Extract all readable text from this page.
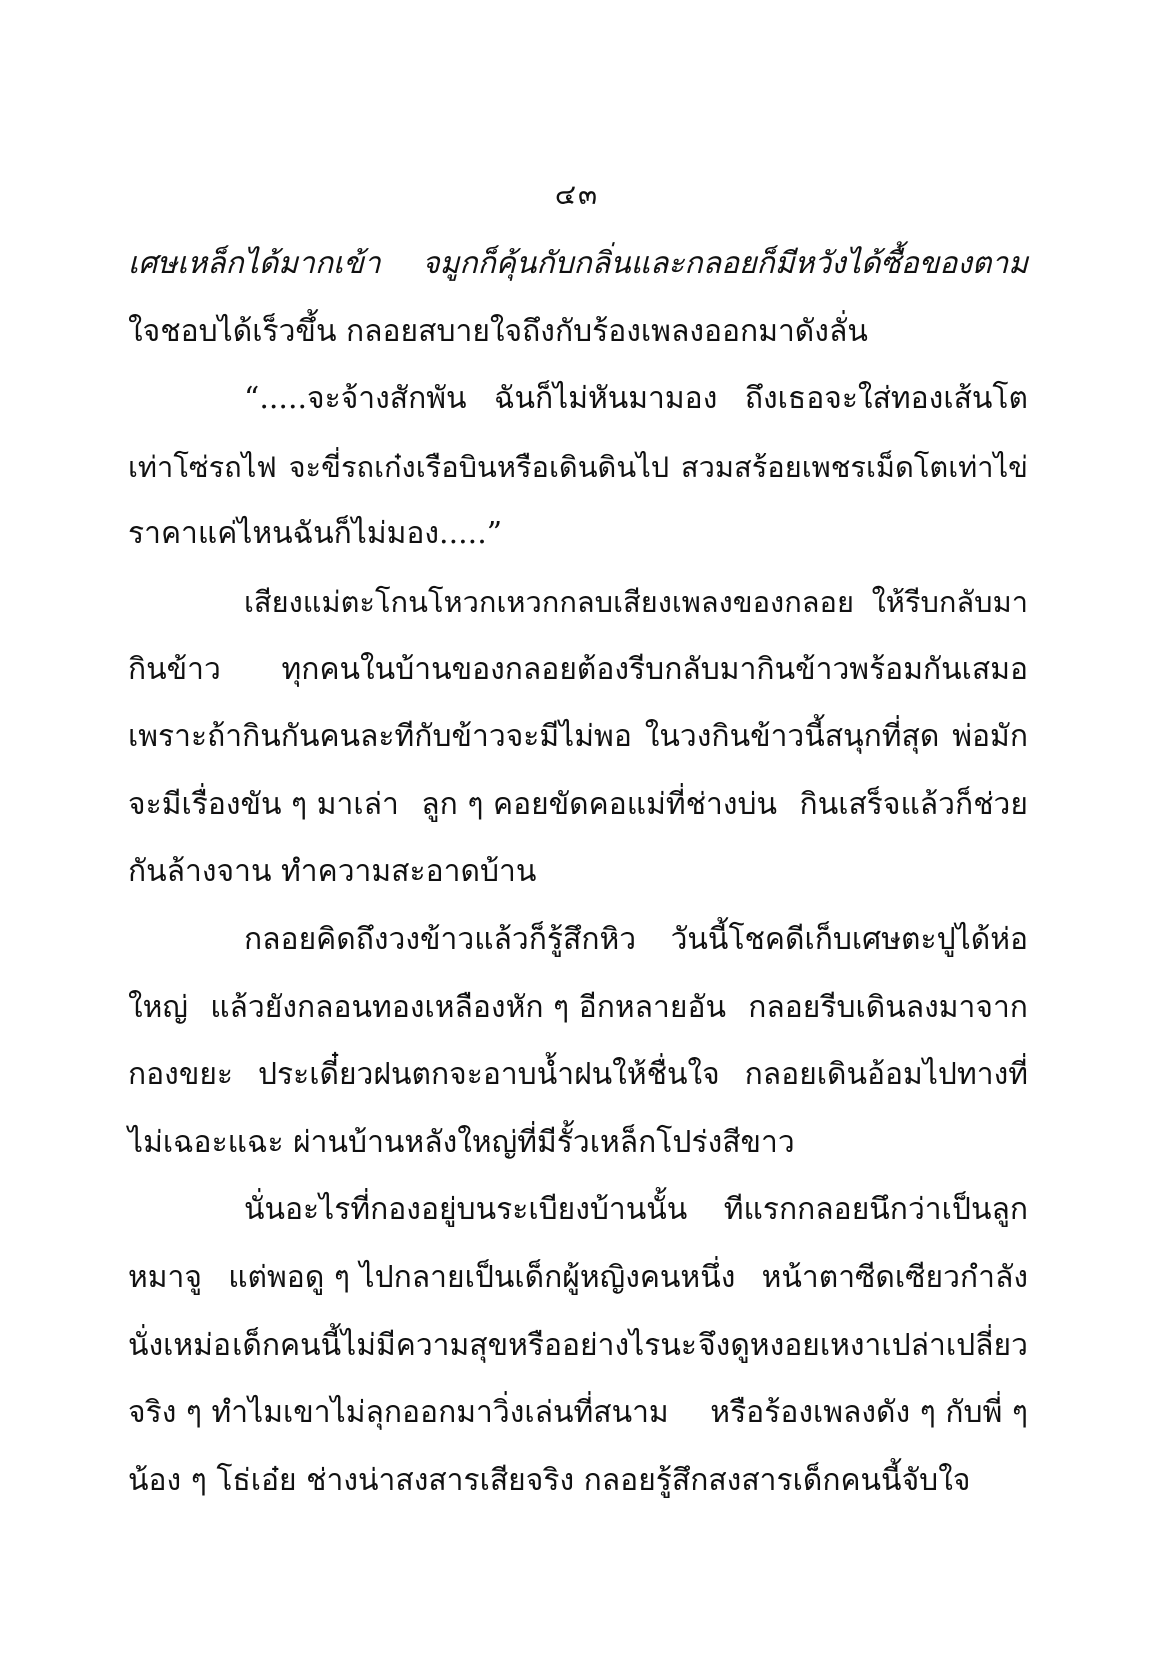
๔๓
เศษเหล็กได้มากเข้า จมูกก็คุ้นกับกลิ่นและกลอยก็มีหวังได้ซื้อของตาม
ใจชอบได้เร็วขึ้น กลอยสบายใจถึงกับร้องเพลงออกมาดังลั่น
“.....จะจ้างสักพัน ฉันก็ไม่หันมามอง ถึงเธอจะใส่ทองเส้นโต
เท่าโซ่รถไฟ จะขี่รถเก๋งเรือบินหรือเดินดินไป สวมสร้อยเพชรเม็ดโตเท่าไข่
ราคาแค่ไหนฉันก็ไม่มอง.....”
เสียงแม่ตะโกนโหวกเหวกกลบเสียงเพลงของกลอย ให้รีบกลับมา
กินข้าว ทุกคนในบ้านของกลอยต้องรีบกลับมากินข้าวพร้อมกันเสมอ
เพราะถ้ากินกันคนละทีกับข้าวจะมีไม่พอ ในวงกินข้าวนี้สนุกที่สุด พ่อมัก
จะมีเรื่องขัน ๆ มาเล่า ลูก ๆ คอยขัดคอแม่ที่ช่างบ่น กินเสร็จแล้วก็ช่วย
กันล้างจาน ทำความสะอาดบ้าน
กลอยคิดถึงวงข้าวแล้วก็รู้สึกหิว วันนี้โชคดีเก็บเศษตะปูได้ห่อ
ใหญ่ แล้วยังกลอนทองเหลืองหัก ๆ อีกหลายอัน กลอยรีบเดินลงมาจาก
กองขยะ ประเดี๋ยวฝนตกจะอาบน้ำฝนให้ชื่นใจ กลอยเดินอ้อมไปทางที่
ไม่เฉอะแฉะ ผ่านบ้านหลังใหญ่ที่มีรั้วเหล็กโปร่งสีขาว
นั่นอะไรที่กองอยู่บนระเบียงบ้านนั้น ทีแรกกลอยนึกว่าเป็นลูก
หมาจู แต่พอดู ๆ ไปกลายเป็นเด็กผู้หญิงคนหนึ่ง หน้าตาซีดเซียวกำลัง
นั่งเหม่อ เด็กคนนี้ไม่มีความสุขหรืออย่างไรนะ จึงดูหงอยเหงาเปล่าเปลี่ยว
จริง ๆ ทำไมเขาไม่ลุกออกมาวิ่งเล่นที่สนาม หรือร้องเพลงดัง ๆ กับพี่ ๆ
น้อง ๆ โธ่เอ๋ย ช่างน่าสงสารเสียจริง กลอยรู้สึกสงสารเด็กคนนี้จับใจ
